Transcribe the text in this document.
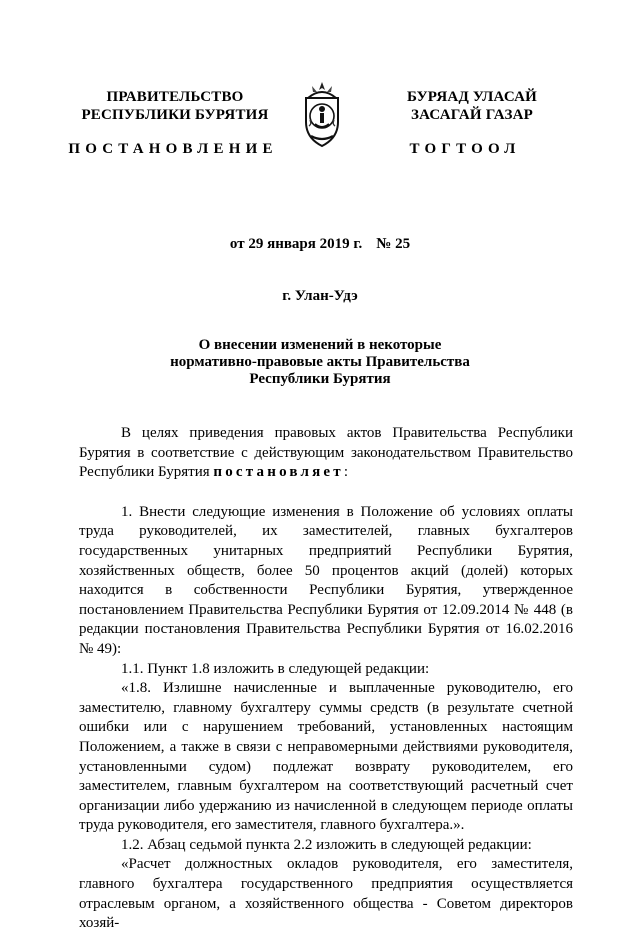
ПРАВИТЕЛЬСТВО
РЕСПУБЛИКИ БУРЯТИЯ
БУРЯАД УЛАСАЙ
ЗАСАГАЙ ГАЗАР
ПОСТАНОВЛЕНИЕ	ТОГТООЛ
от 29 января 2019 г. № 25
г. Улан-Удэ
О внесении изменений в некоторые
нормативно-правовые акты Правительства
Республики Бурятия

В целях приведения правовых актов Правительства Республики Бурятия в соответствие с действующим законодательством Правительство Республики Бурятия постановляет:

1. Внести следующие изменения в Положение об условиях оплаты труда руководителей, их заместителей, главных бухгалтеров государственных унитарных предприятий Республики Бурятия, хозяйственных обществ, более 50 процентов акций (долей) которых находится в собственности Республики Бурятия, утвержденное постановлением Правительства Республики Бурятия от 12.09.2014 № 448 (в редакции постановления Правительства Республики Бурятия от 16.02.2016 № 49):

1.1. Пункт 1.8 изложить в следующей редакции:

«1.8. Излишне начисленные и выплаченные руководителю, его заместителю, главному бухгалтеру суммы средств (в результате счетной ошибки или с нарушением требований, установленных настоящим Положением, а также в связи с неправомерными действиями руководителя, установленными судом) подлежат возврату руководителем, его заместителем, главным бухгалтером на соответствующий расчетный счет организации либо удержанию из начисленной в следующем периоде оплаты труда руководителя, его заместителя, главного бухгалтера.».

1.2. Абзац седьмой пункта 2.2 изложить в следующей редакции:

«Расчет должностных окладов руководителя, его заместителя, главного бухгалтера государственного предприятия осуществляется отраслевым органом, а хозяйственного общества - Советом директоров хозяй-
